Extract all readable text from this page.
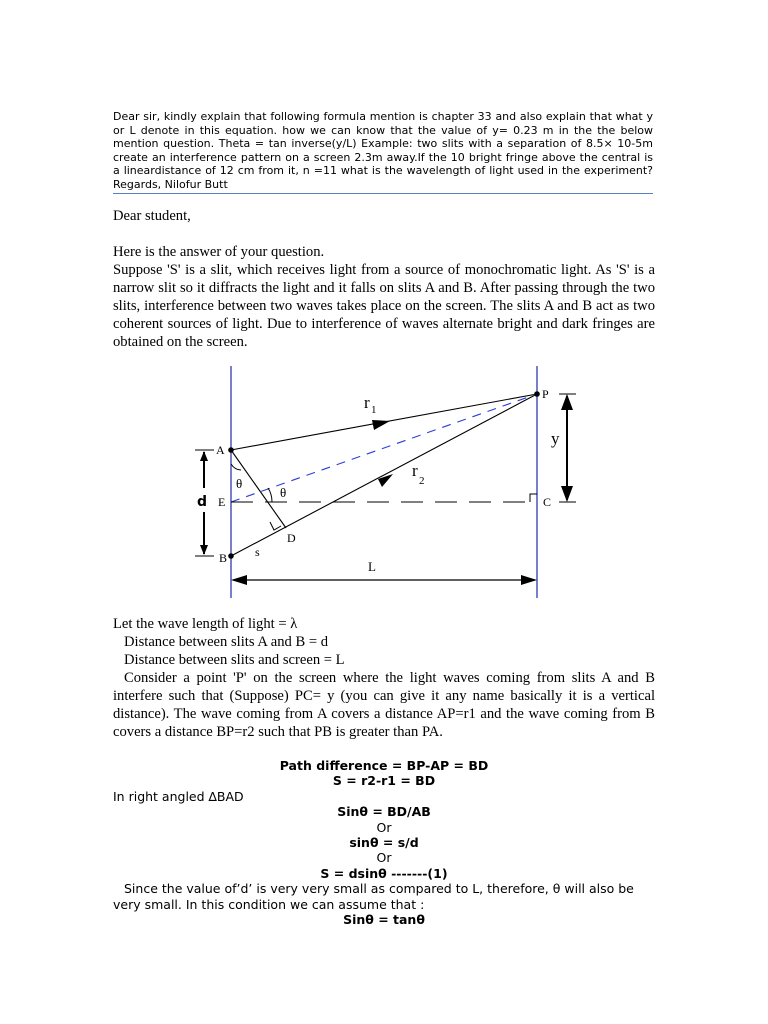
Dear sir, kindly explain that following formula mention is chapter 33 and also explain that what y or L denote in this equation. how we can know that the value of y= 0.23 m in the the below mention question. Theta = tan inverse(y/L) Example: two slits with a separation of 8.5× 10-5m create an interference pattern on a screen 2.3m away.If the 10 bright fringe above the central is a lineardistance of 12 cm from it, n =11 what is the wavelength of light used in the experiment? Regards, Nilofur Butt
Dear student,

Here is the answer of your question.

Suppose 'S' is a slit, which receives light from a source of monochromatic light. As 'S' is a narrow slit so it diffracts the light and it falls on slits A and B. After passing through the two slits, interference between two waves takes place on the screen. The slits A and B act as two coherent sources of light. Due to interference of waves alternate bright and dark fringes are obtained on the screen.

P
A
E
B
C
D
s
θ
θ
d
y
L
r 1
r
2

Let the wave length of light = λ

Distance between slits A and B = d

Distance between slits and screen = L

Consider a point 'P' on the screen where the light waves coming from slits A and B interfere such that (Suppose) PC= y (you can give it any name basically it is a vertical distance). The wave coming from A covers a distance AP=r1 and the wave coming from B covers a distance BP=r2 such that PB is greater than PA.

Path difference = BP-AP = BD

S = r2-r1 = BD

In right angled ∆BAD

Sinθ = BD/AB

Or

sinθ = s/d

Or

S = dsinθ -------(1)

Since the value of’d’ is very very small as compared to L, therefore, θ will also be very small. In this condition we can assume that :

Sinθ = tanθ
